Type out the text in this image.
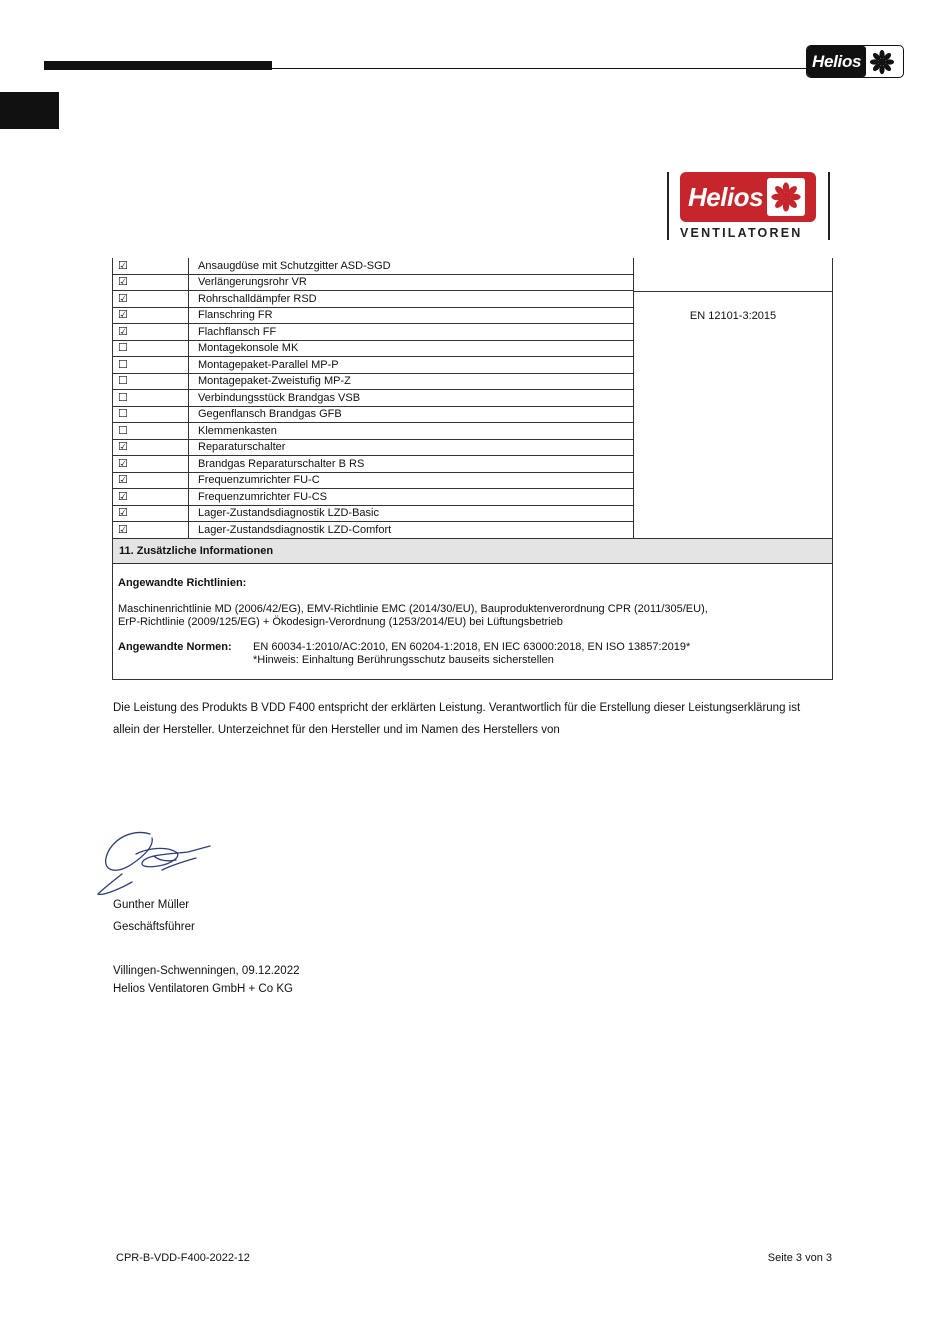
Helios
Helios
VENTILATOREN
EN 12101-3:2015
☑	Ansaugdüse mit Schutzgitter ASD-SGD
☑	Verlängerungsrohr VR
☑	Rohrschalldämpfer RSD
☑	Flanschring FR
☑	Flachflansch FF
☐	Montagekonsole MK
☐	Montagepaket-Parallel MP-P
☐	Montagepaket-Zweistufig MP-Z
☐	Verbindungsstück Brandgas VSB
☐	Gegenflansch Brandgas GFB
☐	Klemmenkasten
☑	Reparaturschalter
☑	Brandgas Reparaturschalter B RS
☑	Frequenzumrichter FU-C
☑	Frequenzumrichter FU-CS
☑	Lager-Zustandsdiagnostik LZD-Basic
☑	Lager-Zustandsdiagnostik LZD-Comfort
11. Zusätzliche Informationen
Angewandte Richtlinien:
Maschinenrichtlinie MD (2006/42/EG), EMV-Richtlinie EMC (2014/30/EU), Bauproduktenverordnung CPR (2011/305/EU),
ErP-Richtlinie (2009/125/EG) + Ökodesign-Verordnung (1253/2014/EU) bei Lüftungsbetrieb
Angewandte Normen: EN 60034-1:2010/AC:2010, EN 60204-1:2018, EN IEC 63000:2018, EN ISO 13857:2019*
*Hinweis: Einhaltung Berührungsschutz bauseits sicherstellen
Die Leistung des Produkts B VDD F400 entspricht der erklärten Leistung. Verantwortlich für die Erstellung dieser Leistungserklärung ist
allein der Hersteller. Unterzeichnet für den Hersteller und im Namen des Herstellers von
Gunther Müller
Geschäftsführer
Villingen-Schwenningen, 09.12.2022
Helios Ventilatoren GmbH + Co KG
CPR-B-VDD-F400-2022-12	Seite 3 von 3
